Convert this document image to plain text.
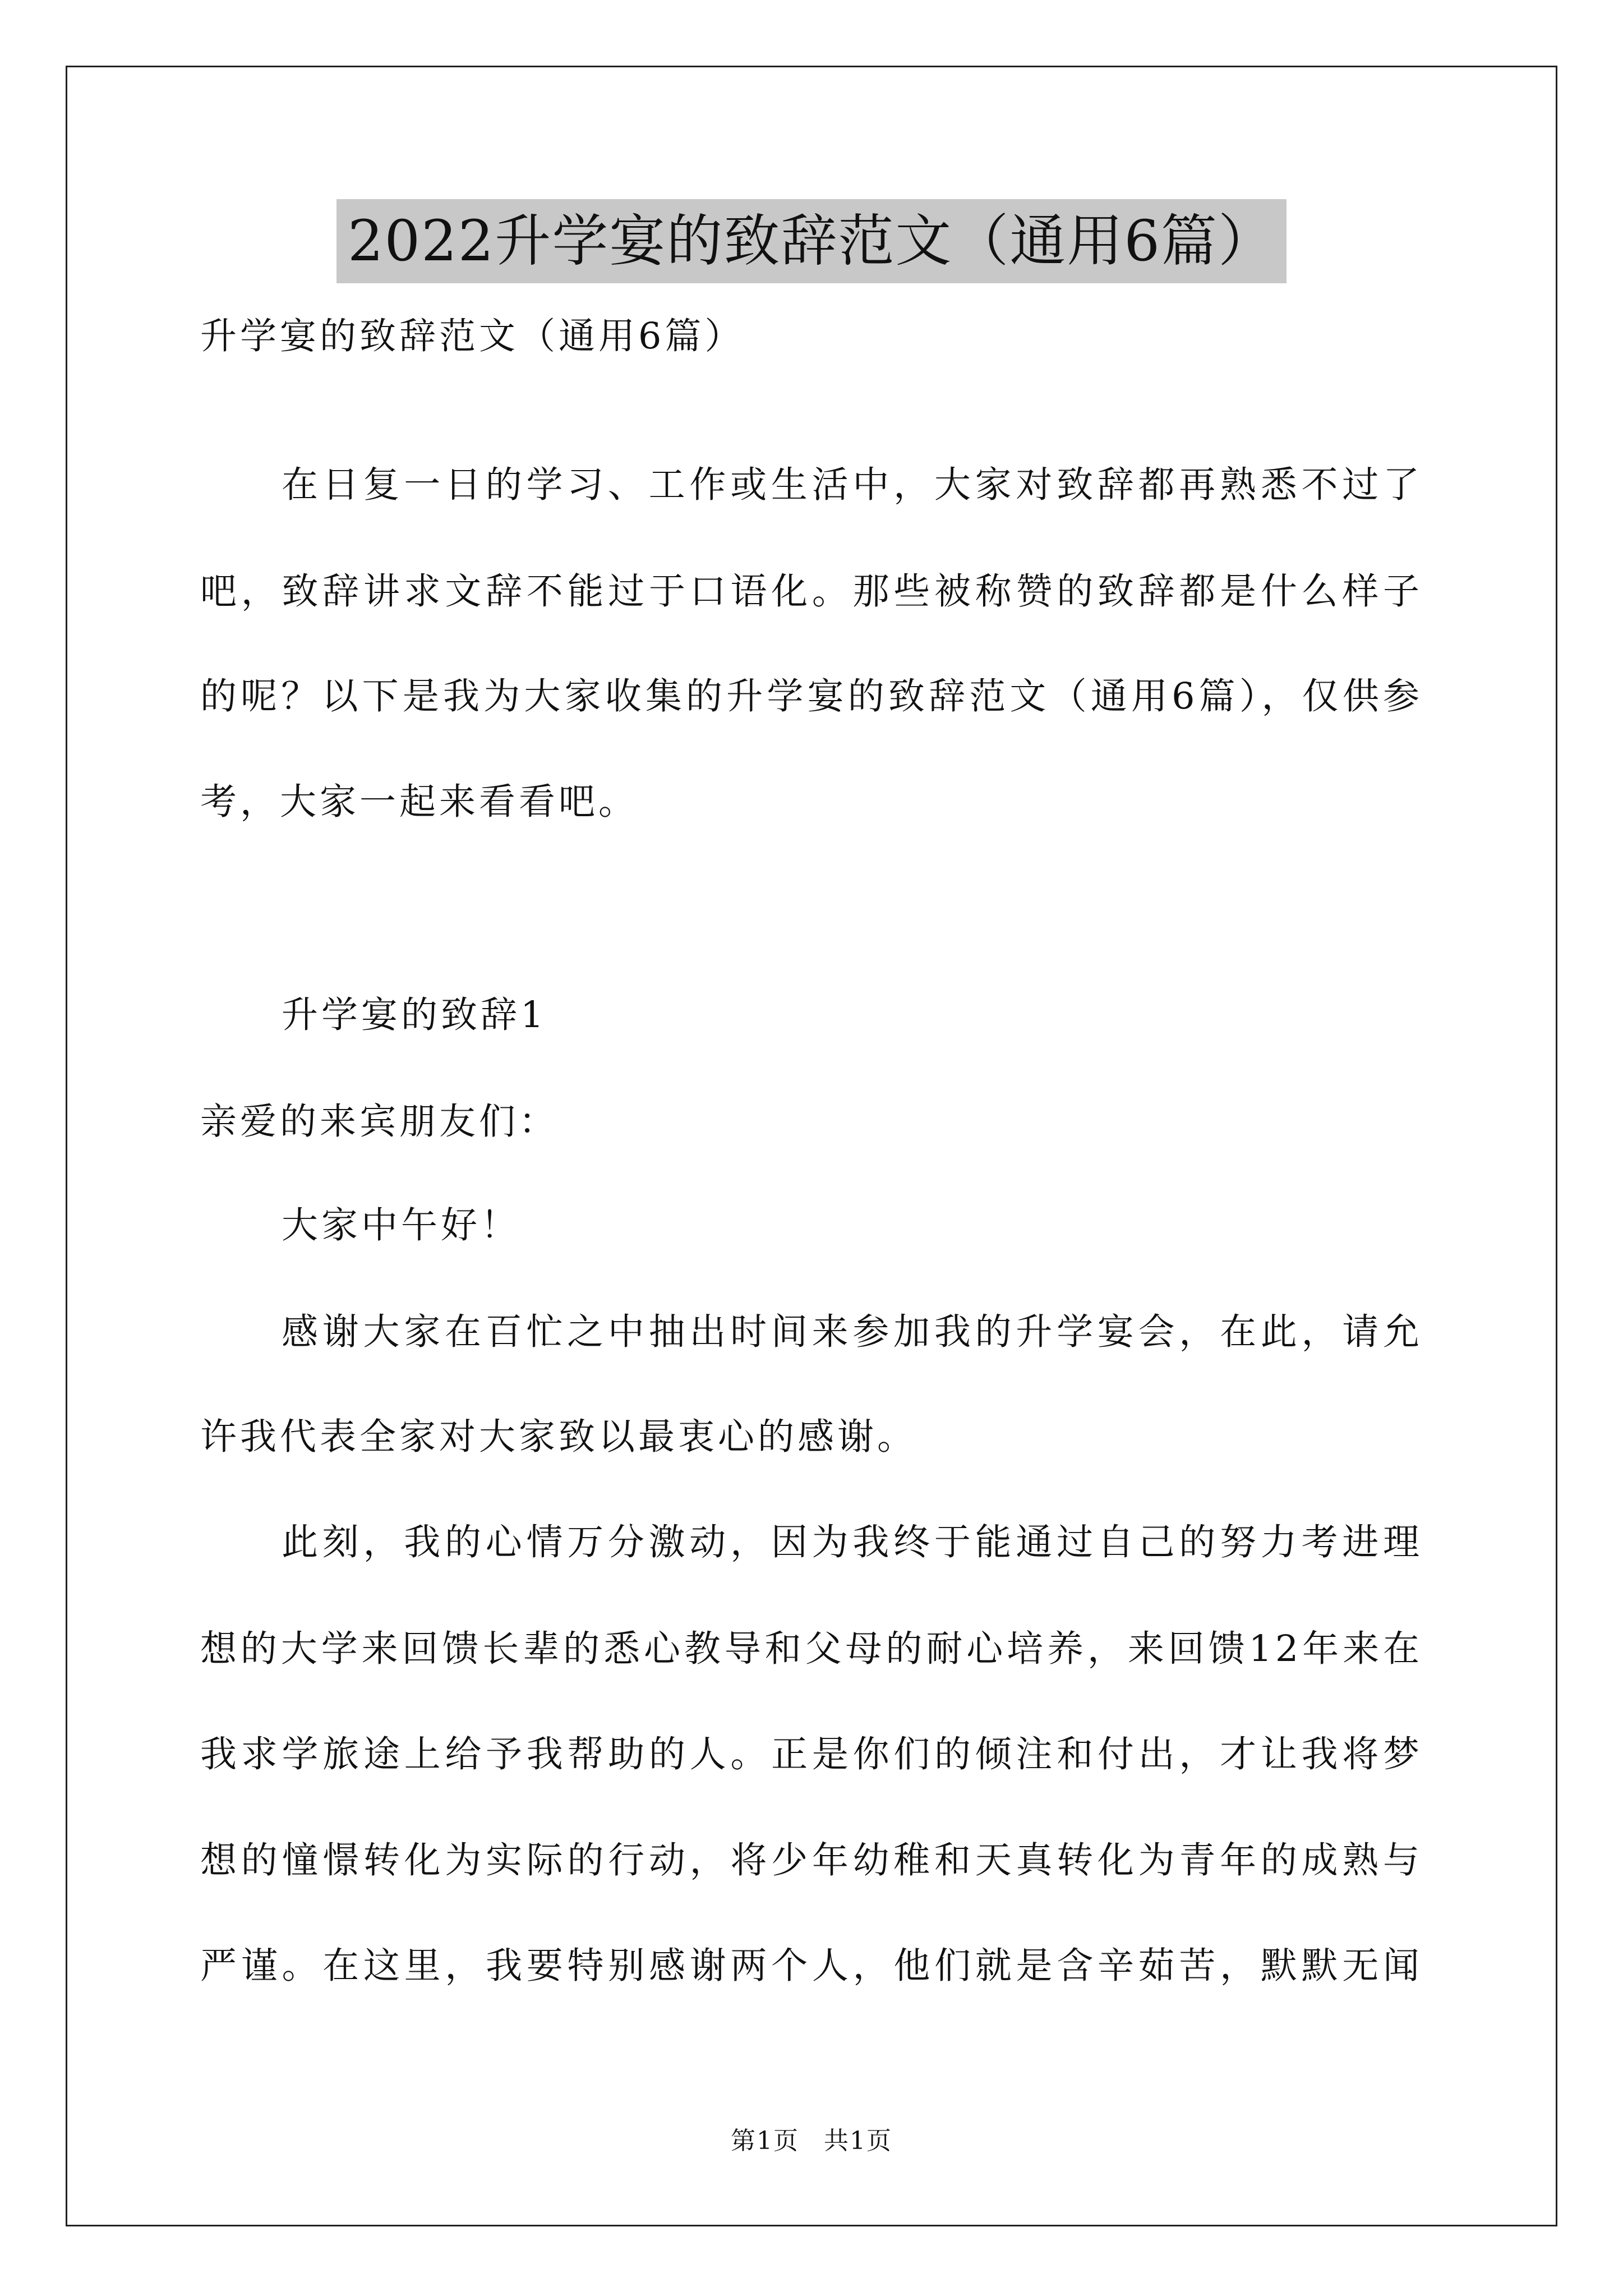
2022升学宴的致辞范文（通用6篇）
升学宴的致辞范文（通用6篇）
在日复一日的学习、工作或生活中，大家对致辞都再熟悉不过了
吧，致辞讲求文辞不能过于口语化。那些被称赞的致辞都是什么样子
的呢？以下是我为大家收集的升学宴的致辞范文（通用6篇），仅供参
考，大家一起来看看吧。
升学宴的致辞1
亲爱的来宾朋友们：
大家中午好！
感谢大家在百忙之中抽出时间来参加我的升学宴会，在此，请允
许我代表全家对大家致以最衷心的感谢。
此刻，我的心情万分激动，因为我终于能通过自己的努力考进理
想的大学来回馈长辈的悉心教导和父母的耐心培养，来回馈12年来在
我求学旅途上给予我帮助的人。正是你们的倾注和付出，才让我将梦
想的憧憬转化为实际的行动，将少年幼稚和天真转化为青年的成熟与
严谨。在这里，我要特别感谢两个人，他们就是含辛茹苦，默默无闻
第1页 共1页
